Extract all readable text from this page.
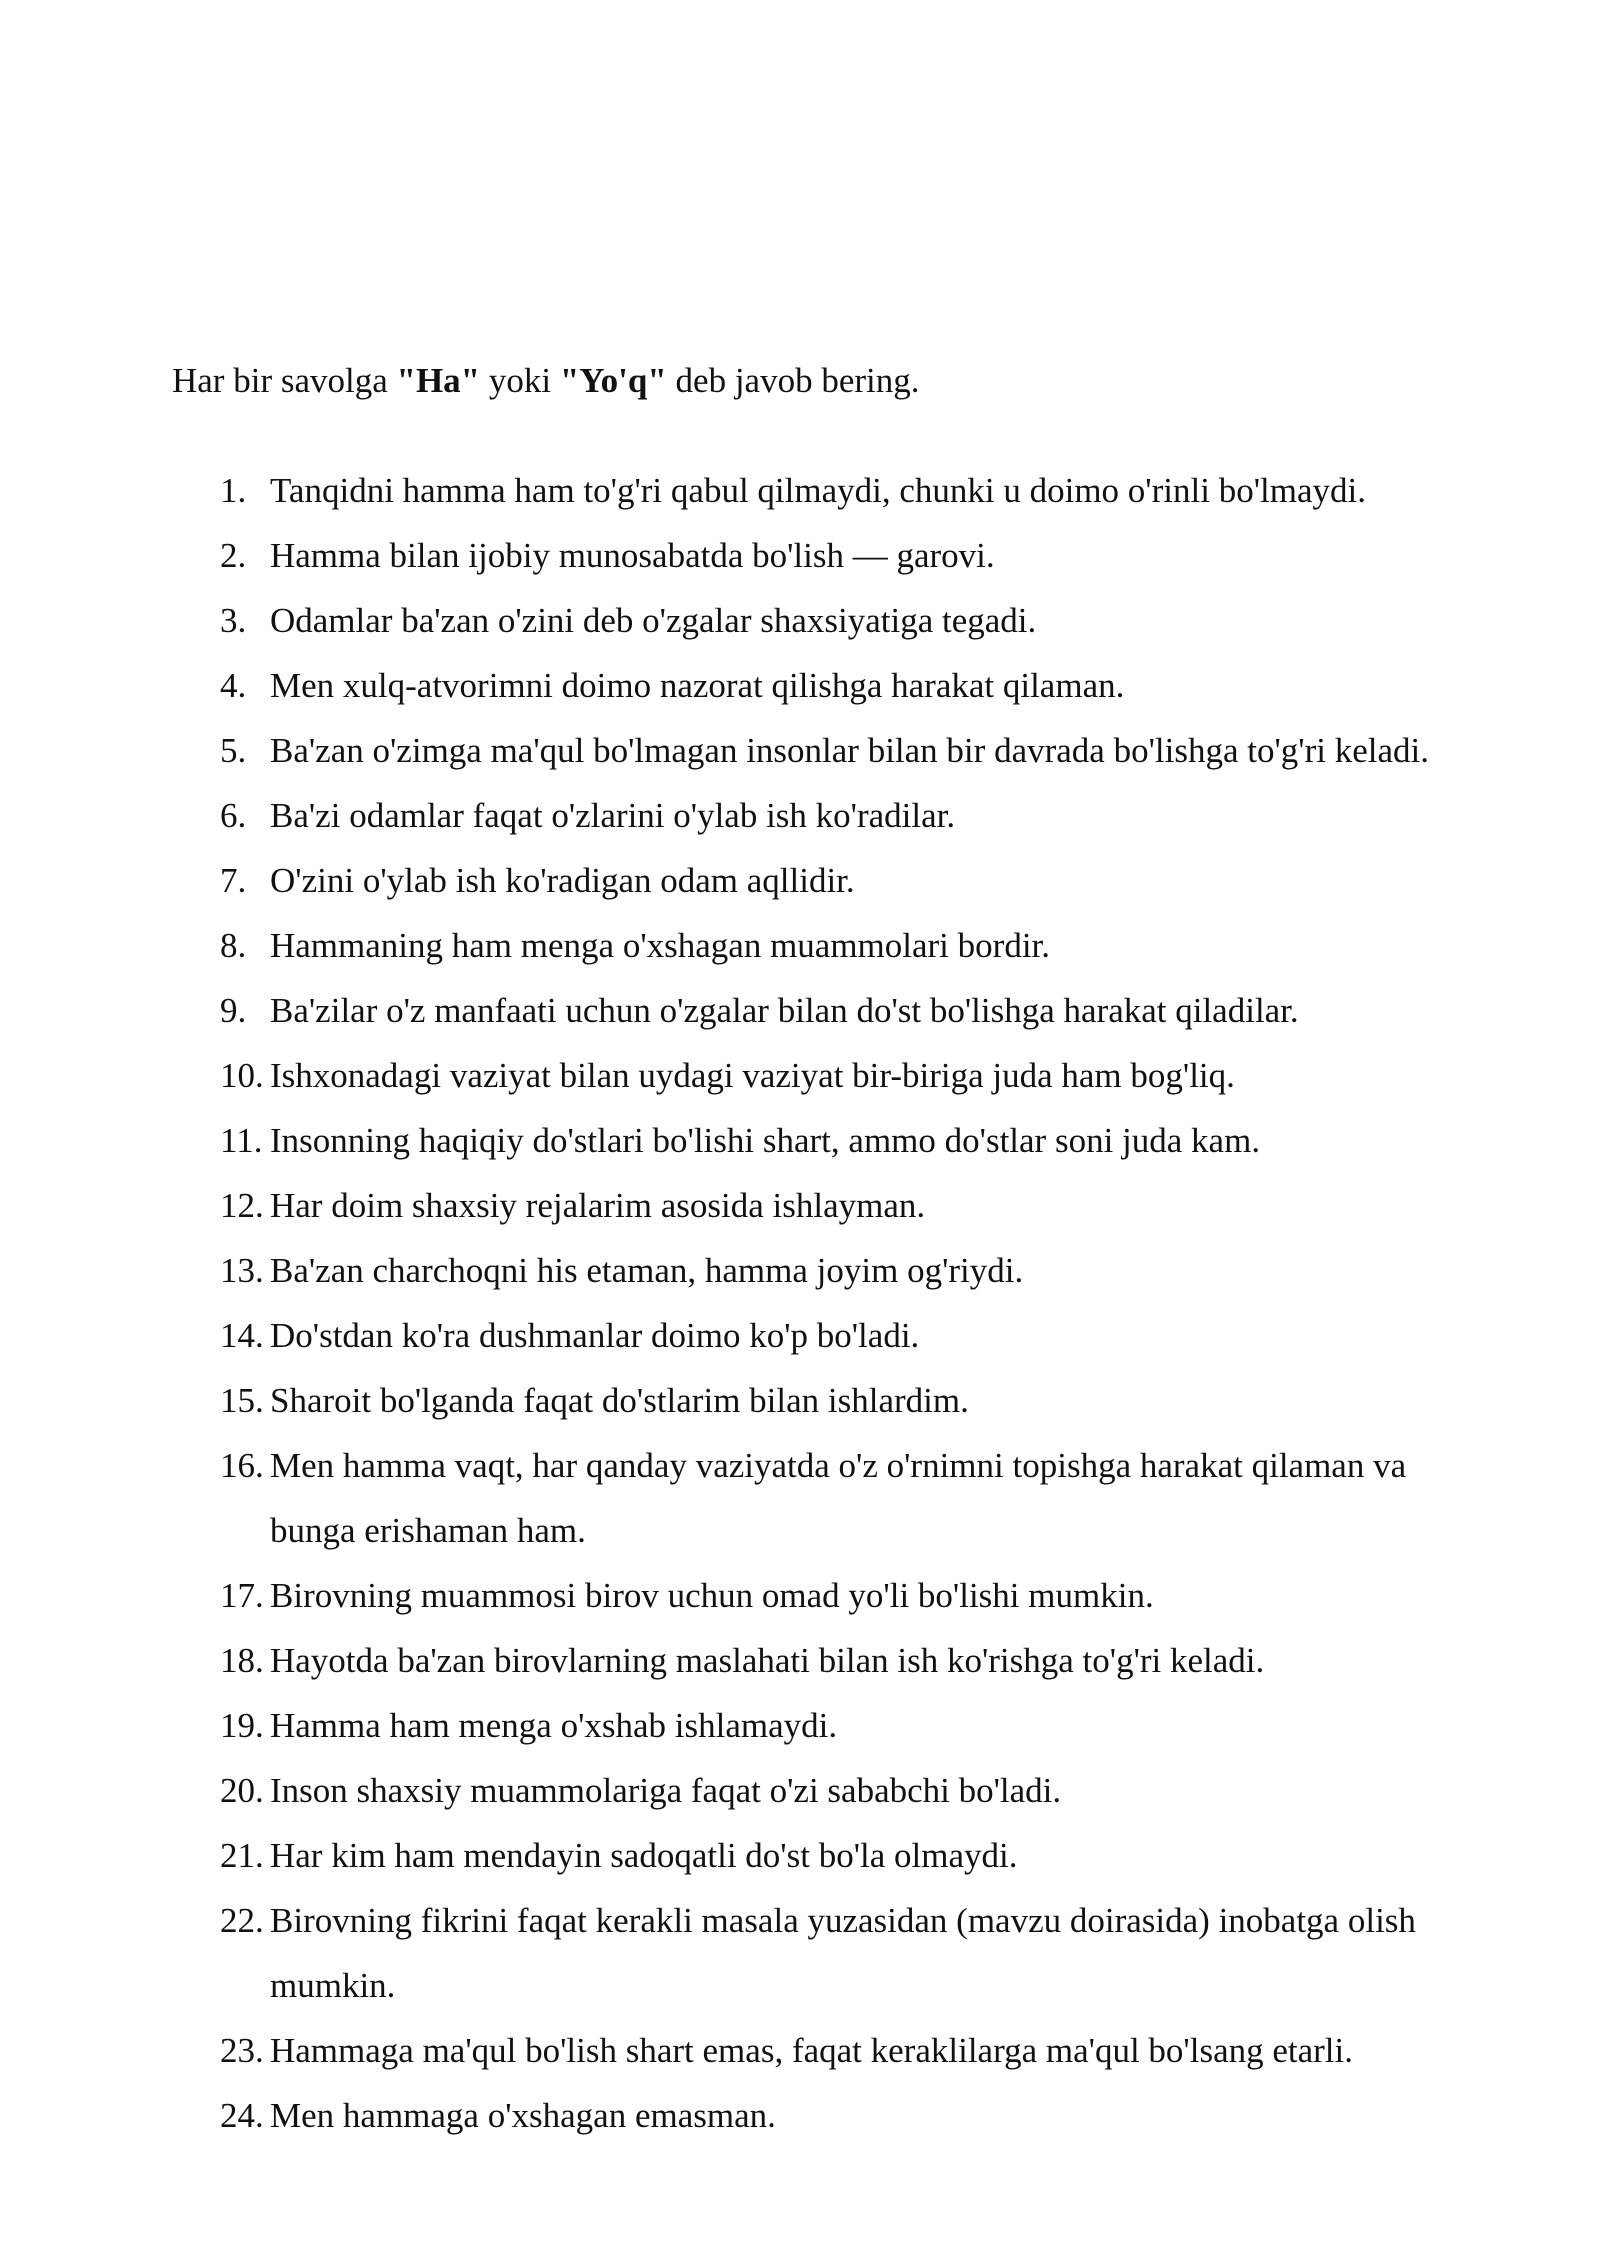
Har bir savolga "Ha" yoki "Yo'q" deb javob bering.
1. Tanqidni hamma ham to'g'ri qabul qilmaydi, chunki u doimo o'rinli bo'lmaydi.
2. Hamma bilan ijobiy munosabatda bo'lish — garovi.
3. Odamlar ba'zan o'zini deb o'zgalar shaxsiyatiga tegadi.
4. Men xulq-atvorimni doimo nazorat qilishga harakat qilaman.
5. Ba'zan o'zimga ma'qul bo'lmagan insonlar bilan bir davrada bo'lishga to'g'ri keladi.
6. Ba'zi odamlar faqat o'zlarini o'ylab ish ko'radilar.
7. O'zini o'ylab ish ko'radigan odam aqllidir.
8. Hammaning ham menga o'xshagan muammolari bordir.
9. Ba'zilar o'z manfaati uchun o'zgalar bilan do'st bo'lishga harakat qiladilar.
10. Ishxonadagi vaziyat bilan uydagi vaziyat bir-biriga juda ham bog'liq.
11. Insonning haqiqiy do'stlari bo'lishi shart, ammo do'stlar soni juda kam.
12. Har doim shaxsiy rejalarim asosida ishlayman.
13. Ba'zan charchoqni his etaman, hamma joyim og'riydi.
14. Do'stdan ko'ra dushmanlar doimo ko'p bo'ladi.
15. Sharoit bo'lganda faqat do'stlarim bilan ishlardim.
16. Men hamma vaqt, har qanday vaziyatda o'z o'rnimni topishga harakat qilaman va bunga erishaman ham.
17. Birovning muammosi birov uchun omad yo'li bo'lishi mumkin.
18. Hayotda ba'zan birovlarning maslahati bilan ish ko'rishga to'g'ri keladi.
19. Hamma ham menga o'xshab ishlamaydi.
20. Inson shaxsiy muammolariga faqat o'zi sababchi bo'ladi.
21. Har kim ham mendayin sadoqatli do'st bo'la olmaydi.
22. Birovning fikrini faqat kerakli masala yuzasidan (mavzu doirasida) inobatga olish mumkin.
23. Hammaga ma'qul bo'lish shart emas, faqat keraklilarga ma'qul bo'lsang etarli.
24. Men hammaga o'xshagan emasman.
